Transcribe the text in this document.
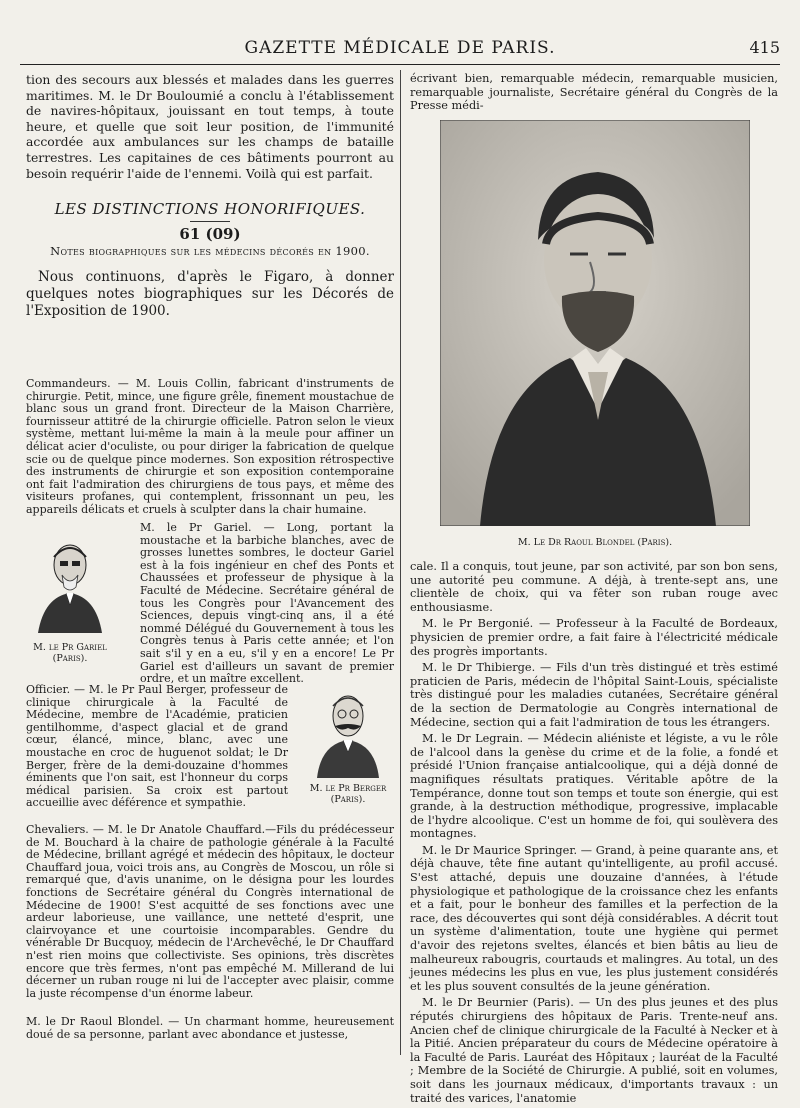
GAZETTE MÉDICALE DE PARIS.	415
tion des secours aux blessés et malades dans les guerres maritimes. M. le Dr Bouloumié a conclu à l'établissement de navires-hôpitaux, jouissant en tout temps, à toute heure, et quelle que soit leur position, de l'immunité accordée aux ambulances sur les champs de bataille terrestres. Les capitaines de ces bâtiments pourront au besoin requérir l'aide de l'ennemi. Voilà qui est parfait.
LES DISTINCTIONS HONORIFIQUES.
61 (09)
Notes biographiques sur les médecins décorés en 1900.
Nous continuons, d'après le Figaro, à donner quelques notes biographiques sur les Décorés de l'Exposition de 1900.
Commandeurs. — M. Louis Collin, fabricant d'instruments de chirurgie. Petit, mince, une figure grêle, finement moustachue de blanc sous un grand front. Directeur de la Maison Charrière, fournisseur attitré de la chirurgie officielle. Patron selon le vieux système, mettant lui-même la main à la meule pour affiner un délicat acier d'oculiste, ou pour diriger la fabrication de quelque scie ou de quelque pince modernes. Son exposition rétrospective des instruments de chirurgie et son exposition contemporaine ont fait l'admiration des chirurgiens de tous pays, et même des visiteurs profanes, qui contemplent, frissonnant un peu, les appareils délicats et cruels à sculpter dans la chair humaine.
M. le Pr Gariel (Paris).
M. le Pr Gariel. — Long, portant la moustache et la barbiche blanches, avec de grosses lunettes sombres, le docteur Gariel est à la fois ingénieur en chef des Ponts et Chaussées et professeur de physique à la Faculté de Médecine. Secrétaire général de tous les Congrès pour l'Avancement des Sciences, depuis vingt-cinq ans, il a été nommé Délégué du Gouvernement à tous les Congrès tenus à Paris cette année; et l'on sait s'il y en a eu, s'il y en a encore! Le Pr Gariel est d'ailleurs un savant de premier ordre, et un maître excellent.
Officier. — M. le Pr Paul Berger, professeur de clinique chirurgicale à la Faculté de Médecine, membre de l'Académie, praticien gentilhomme, d'aspect glacial et de grand cœur, élancé, mince, blanc, avec une moustache en croc de huguenot soldat; le Dr Berger, frère de la demi-douzaine d'hommes éminents que l'on sait, est l'honneur du corps médical parisien. Sa croix est partout accueillie avec déférence et sympathie.
M. le Pr Berger (Paris).
Chevaliers. — M. le Dr Anatole Chauffard.—Fils du prédécesseur de M. Bouchard à la chaire de pathologie générale à la Faculté de Médecine, brillant agrégé et médecin des hôpitaux, le docteur Chauffard joua, voici trois ans, au Congrès de Moscou, un rôle si remarqué que, d'avis unanime, on le désigna pour les lourdes fonctions de Secrétaire général du Congrès international de Médecine de 1900! S'est acquitté de ses fonctions avec une ardeur laborieuse, une vaillance, une netteté d'esprit, une clairvoyance et une courtoisie incomparables. Gendre du vénérable Dr Bucquoy, médecin de l'Archevêché, le Dr Chauffard n'est rien moins que collectiviste. Ses opinions, très discrètes encore que très fermes, n'ont pas empêché M. Millerand de lui décerner un ruban rouge ni lui de l'accepter avec plaisir, comme la juste récompense d'un énorme labeur.
M. le Dr Raoul Blondel. — Un charmant homme, heureusement doué de sa personne, parlant avec abondance et justesse,
écrivant bien, remarquable médecin, remarquable musicien, remarquable journaliste, Secrétaire général du Congrès de la Presse médi-
M. Le Dr Raoul Blondel (Paris).

cale. Il a conquis, tout jeune, par son activité, par son bon sens, une autorité peu commune. A déjà, à trente-sept ans, une clientèle de choix, qui va fêter son ruban rouge avec enthousiasme.

M. le Pr Bergonié. — Professeur à la Faculté de Bordeaux, physicien de premier ordre, a fait faire à l'électricité médicale des progrès importants.

M. le Dr Thibierge. — Fils d'un très distingué et très estimé praticien de Paris, médecin de l'hôpital Saint-Louis, spécialiste très distingué pour les maladies cutanées, Secrétaire général de la section de Dermatologie au Congrès international de Médecine, section qui a fait l'admiration de tous les étrangers.

M. le Dr Legrain. — Médecin aliéniste et légiste, a vu le rôle de l'alcool dans la genèse du crime et de la folie, a fondé et présidé l'Union française antialcoolique, qui a déjà donné de magnifiques résultats pratiques. Véritable apôtre de la Tempérance, donne tout son temps et toute son énergie, qui est grande, à la destruction méthodique, progressive, implacable de l'hydre alcoolique. C'est un homme de foi, qui soulèvera des montagnes.

M. le Dr Maurice Springer. — Grand, à peine quarante ans, et déjà chauve, tête fine autant qu'intelligente, au profil accusé. S'est attaché, depuis une douzaine d'années, à l'étude physiologique et pathologique de la croissance chez les enfants et a fait, pour le bonheur des familles et la perfection de la race, des découvertes qui sont déjà considérables. A décrit tout un système d'alimentation, toute une hygiène qui permet d'avoir des rejetons sveltes, élancés et bien bâtis au lieu de malheureux rabougris, courtauds et malingres. Au total, un des jeunes médecins les plus en vue, les plus justement considérés et les plus souvent consultés de la jeune génération.

M. le Dr Beurnier (Paris). — Un des plus jeunes et des plus réputés chirurgiens des hôpitaux de Paris. Trente-neuf ans. Ancien chef de clinique chirurgicale de la Faculté à Necker et à la Pitié. Ancien préparateur du cours de Médecine opératoire à la Faculté de Paris. Lauréat des Hôpitaux ; lauréat de la Faculté ; Membre de la Société de Chirurgie. A publié, soit en volumes, soit dans les journaux médicaux, d'importants travaux : un traité des varices, l'anatomie
